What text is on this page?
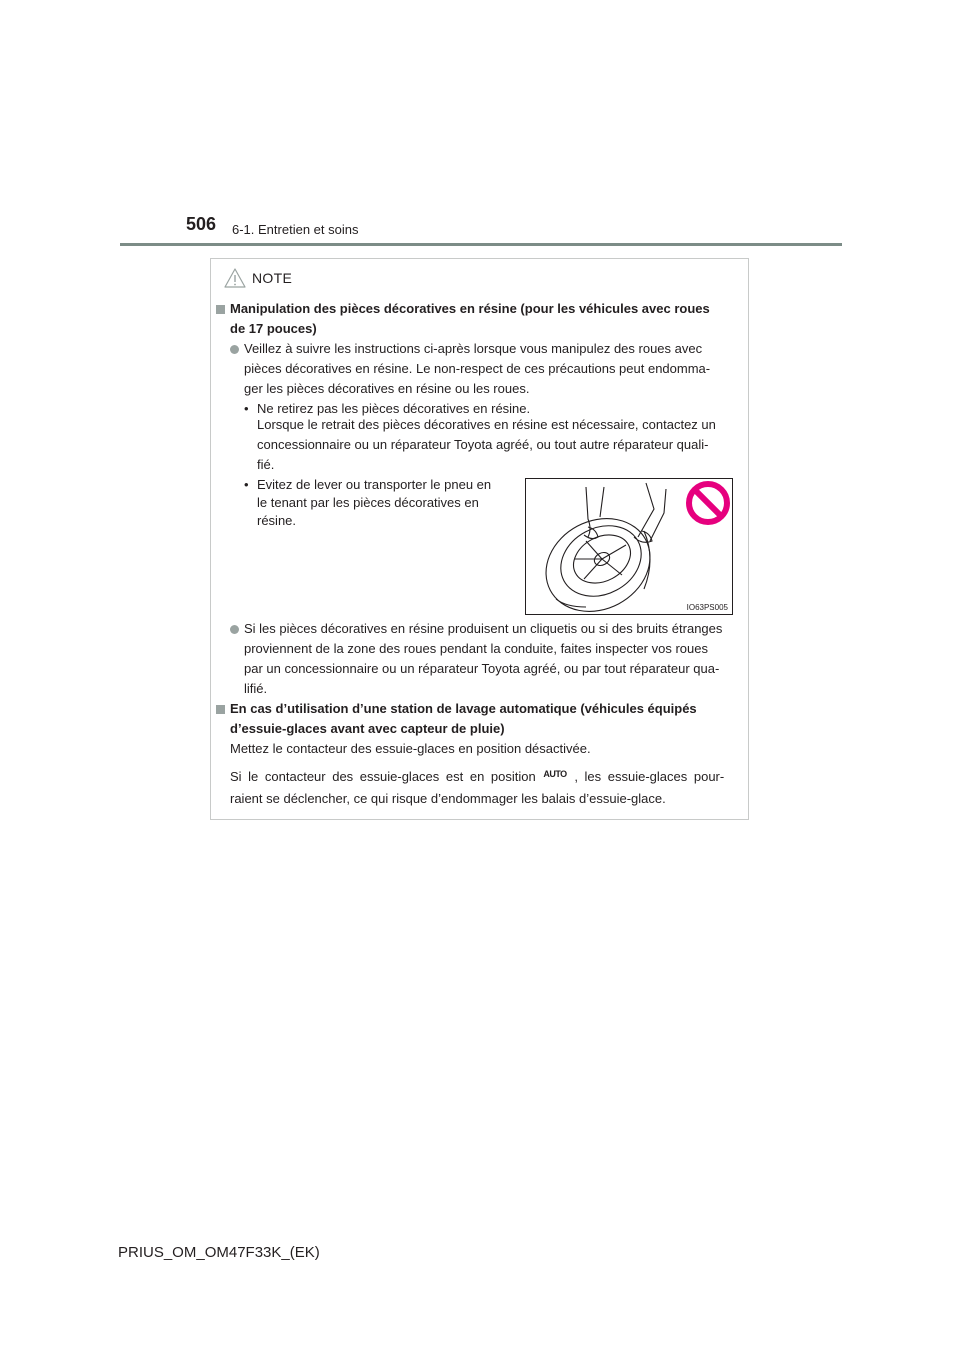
506 6-1. Entretien et soins
NOTE
Manipulation des pièces décoratives en résine (pour les véhicules avec roues
de 17 pouces)
Veillez à suivre les instructions ci-après lorsque vous manipulez des roues avec
pièces décoratives en résine. Le non-respect de ces précautions peut endomma-
ger les pièces décoratives en résine ou les roues.
• Ne retirez pas les pièces décoratives en résine.
Lorsque le retrait des pièces décoratives en résine est nécessaire, contactez un
concessionnaire ou un réparateur Toyota agréé, ou tout autre réparateur quali-
fié.
• Evitez de lever ou transporter le pneu en
le tenant par les pièces décoratives en
résine.
IO63PS005
Si les pièces décoratives en résine produisent un cliquetis ou si des bruits étranges
proviennent de la zone des roues pendant la conduite, faites inspecter vos roues
par un concessionnaire ou un réparateur Toyota agréé, ou par tout réparateur qua-
lifié.
En cas d’utilisation d’une station de lavage automatique (véhicules équipés
d’essuie-glaces avant avec capteur de pluie)
Mettez le contacteur des essuie-glaces en position désactivée.
Si le contacteur des essuie-glaces est en position AUTO , les essuie-glaces pour-
raient se déclencher, ce qui risque d’endommager les balais d’essuie-glace.
PRIUS_OM_OM47F33K_(EK)
